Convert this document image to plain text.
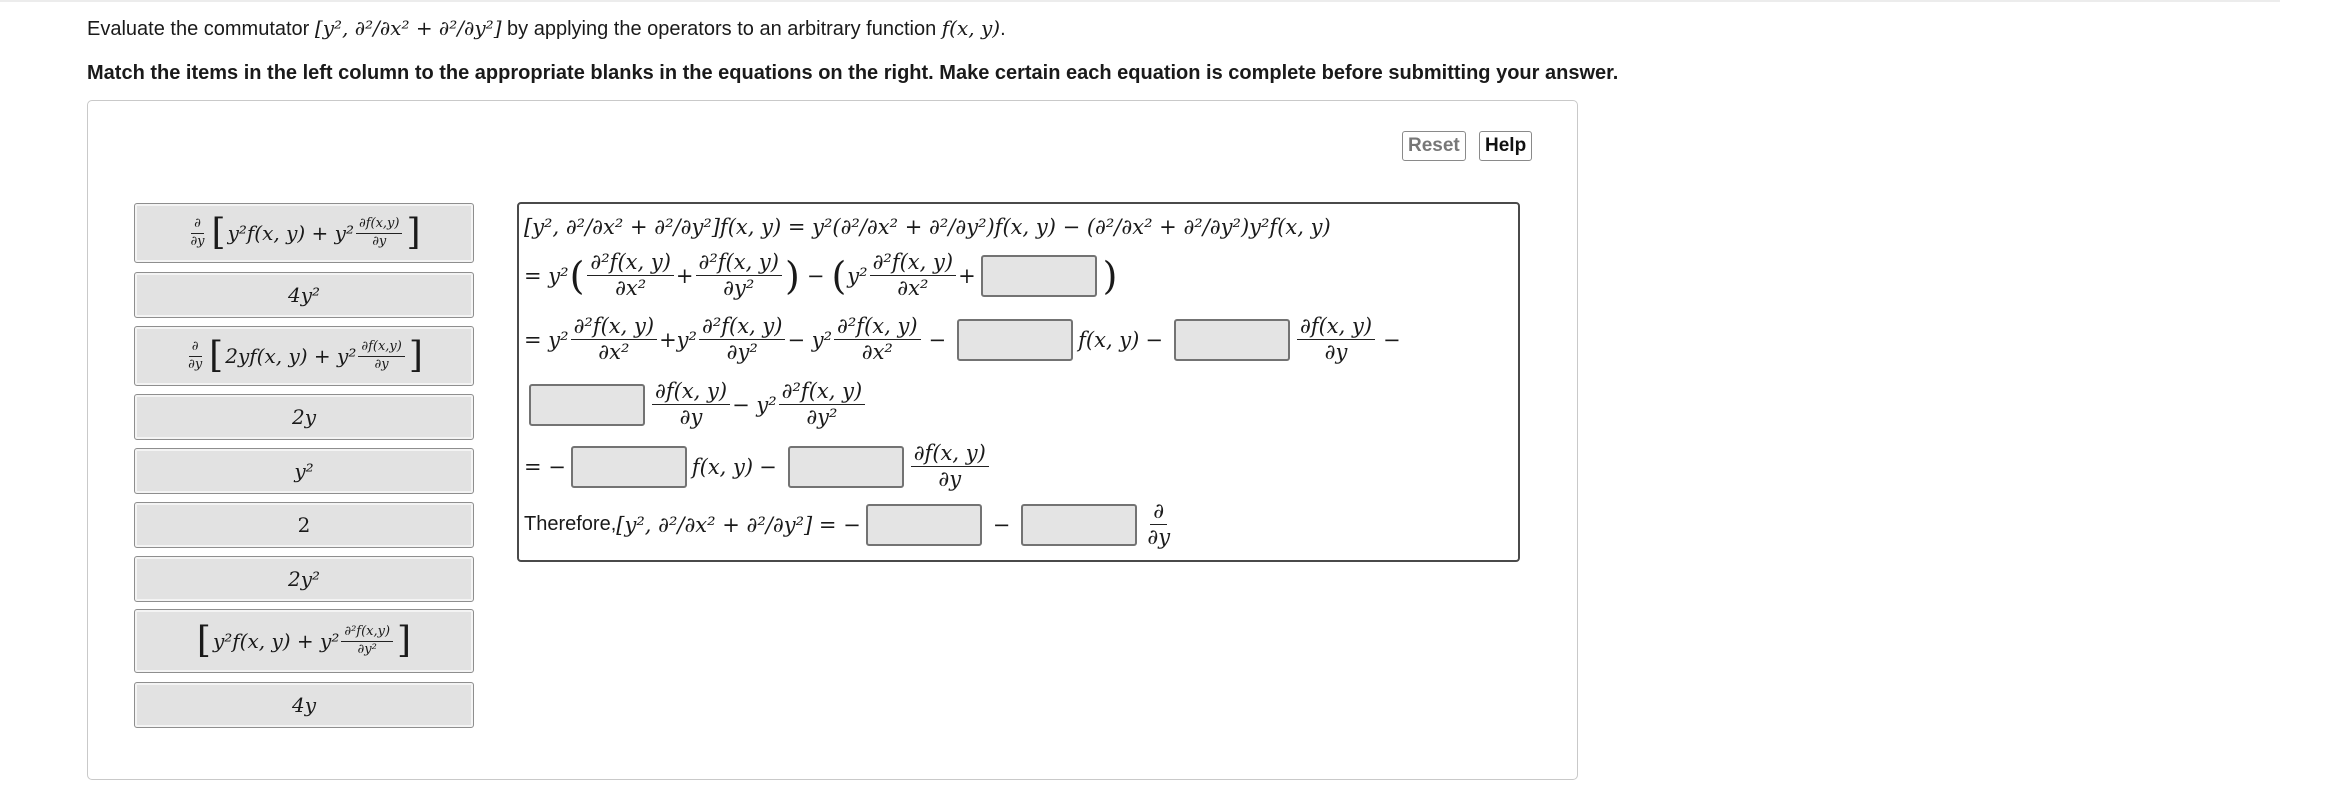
Evaluate the commutator [y², ∂²/∂x² + ∂²/∂y²] by applying the operators to an arbitrary function f(x, y).
Match the items in the left column to the appropriate blanks in the equations on the right. Make certain each equation is complete before submitting your answer.
Reset	Help
$\frac{\partial}{\partial y}$ [ y²f(x, $y) + y^2 \frac{\partial f(x,y)}{\partial y}$ ]
4y²
$\frac{\partial}{\partial y}$ [ 2yf(x, $y) + y^2 \frac{\partial f(x,y)}{\partial y}$ ]
2y
y²
2
2y²
[ y²f(x, $y) + y^2 \frac{\text{∂²f(x,y)}}{\text{∂y²}}$ ]
4y
[y², ∂²/∂x² + ∂²/∂y²]f(x, y) = y²(∂²/∂x² + ∂²/∂y²)f(x, y) − (∂²/∂x² + ∂²/∂y²)y²f(x, y)
= y² ( $\frac{\text{∂²f(x, y)}}{\text{∂x²}} + \frac{\text{∂²f(x, y)}}{\text{∂y²}}$ ) − ( $y^2 \frac{\text{∂²f(x, y)}}{\text{∂x²}}$ +	)
= $y^2 \frac{\text{∂²f(x, y)}}{\text{∂x²}} + y^2 \frac{\text{∂²f(x, y)}}{\text{∂y²}} - y^2 \frac{\text{∂²f(x, y)}}{\text{∂x²}}$ −	f(x, y) −	$\frac{\partial f(x, y)}{\partial y}$ −
$\frac{\partial f(x, y)}{\partial y} - y^2 \frac{\text{∂²f(x, y)}}{\text{∂y²}}$
= −	f(x, y) −	$\frac{\partial f(x, y)}{\partial y}$
Therefore, [y², ∂²/∂x² + ∂²/∂y²] = −	−	$\frac{\partial}{\partial y}$
